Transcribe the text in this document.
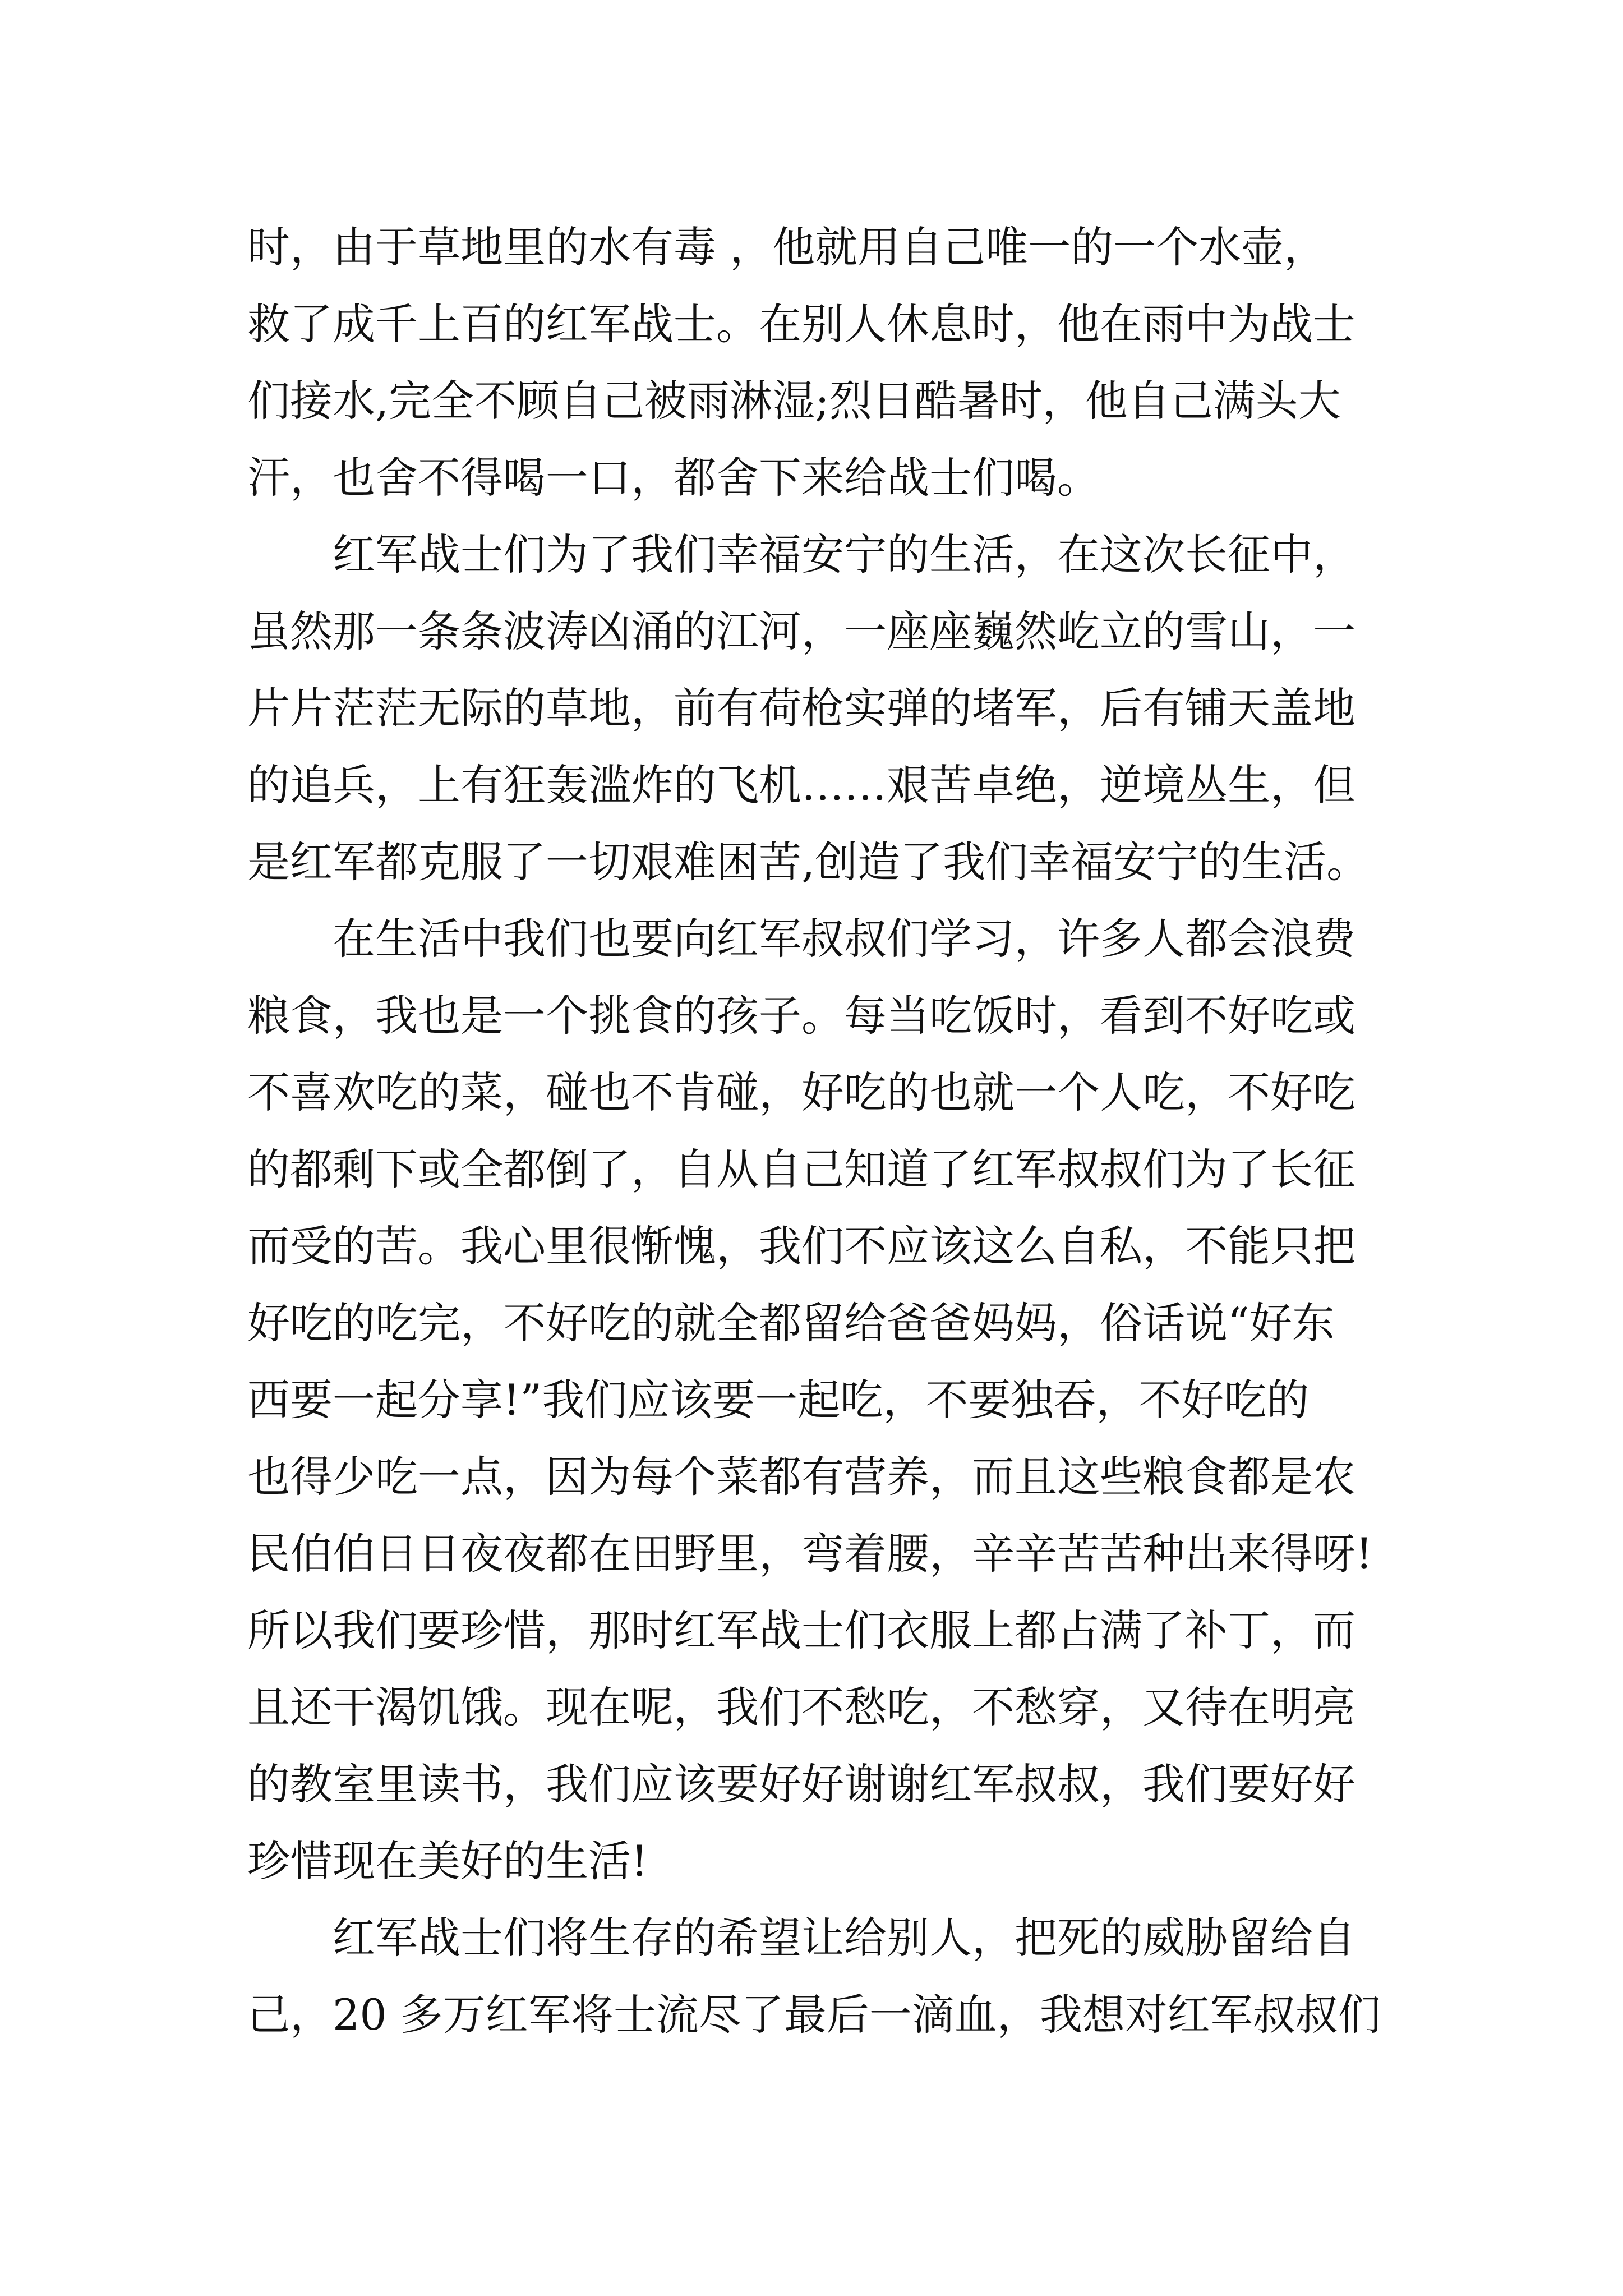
时，由于草地里的水有毒 ，他就用自己唯一的一个水壶，
救了成千上百的红军战士。在别人休息时，他在雨中为战士
们接水,完全不顾自己被雨淋湿;烈日酷暑时，他自己满头大
汗，也舍不得喝一口，都舍下来给战士们喝。
红军战士们为了我们幸福安宁的生活，在这次长征中，
虽然那一条条波涛凶涌的江河，一座座巍然屹立的雪山，一
片片茫茫无际的草地，前有荷枪实弹的堵军，后有铺天盖地
的追兵，上有狂轰滥炸的飞机……艰苦卓绝，逆境丛生，但
是红军都克服了一切艰难困苦,创造了我们幸福安宁的生活。
在生活中我们也要向红军叔叔们学习，许多人都会浪费
粮食，我也是一个挑食的孩子。每当吃饭时，看到不好吃或
不喜欢吃的菜，碰也不肯碰，好吃的也就一个人吃，不好吃
的都剩下或全都倒了，自从自己知道了红军叔叔们为了长征
而受的苦。我心里很惭愧，我们不应该这么自私，不能只把
好吃的吃完，不好吃的就全都留给爸爸妈妈，俗话说“好东
西要一起分享!”我们应该要一起吃，不要独吞，不好吃的
也得少吃一点，因为每个菜都有营养，而且这些粮食都是农
民伯伯日日夜夜都在田野里，弯着腰，辛辛苦苦种出来得呀!
所以我们要珍惜，那时红军战士们衣服上都占满了补丁，而
且还干渴饥饿。现在呢，我们不愁吃，不愁穿，又待在明亮
的教室里读书，我们应该要好好谢谢红军叔叔，我们要好好
珍惜现在美好的生活!
红军战士们将生存的希望让给别人，把死的威胁留给自
己，20 多万红军将士流尽了最后一滴血，我想对红军叔叔们
